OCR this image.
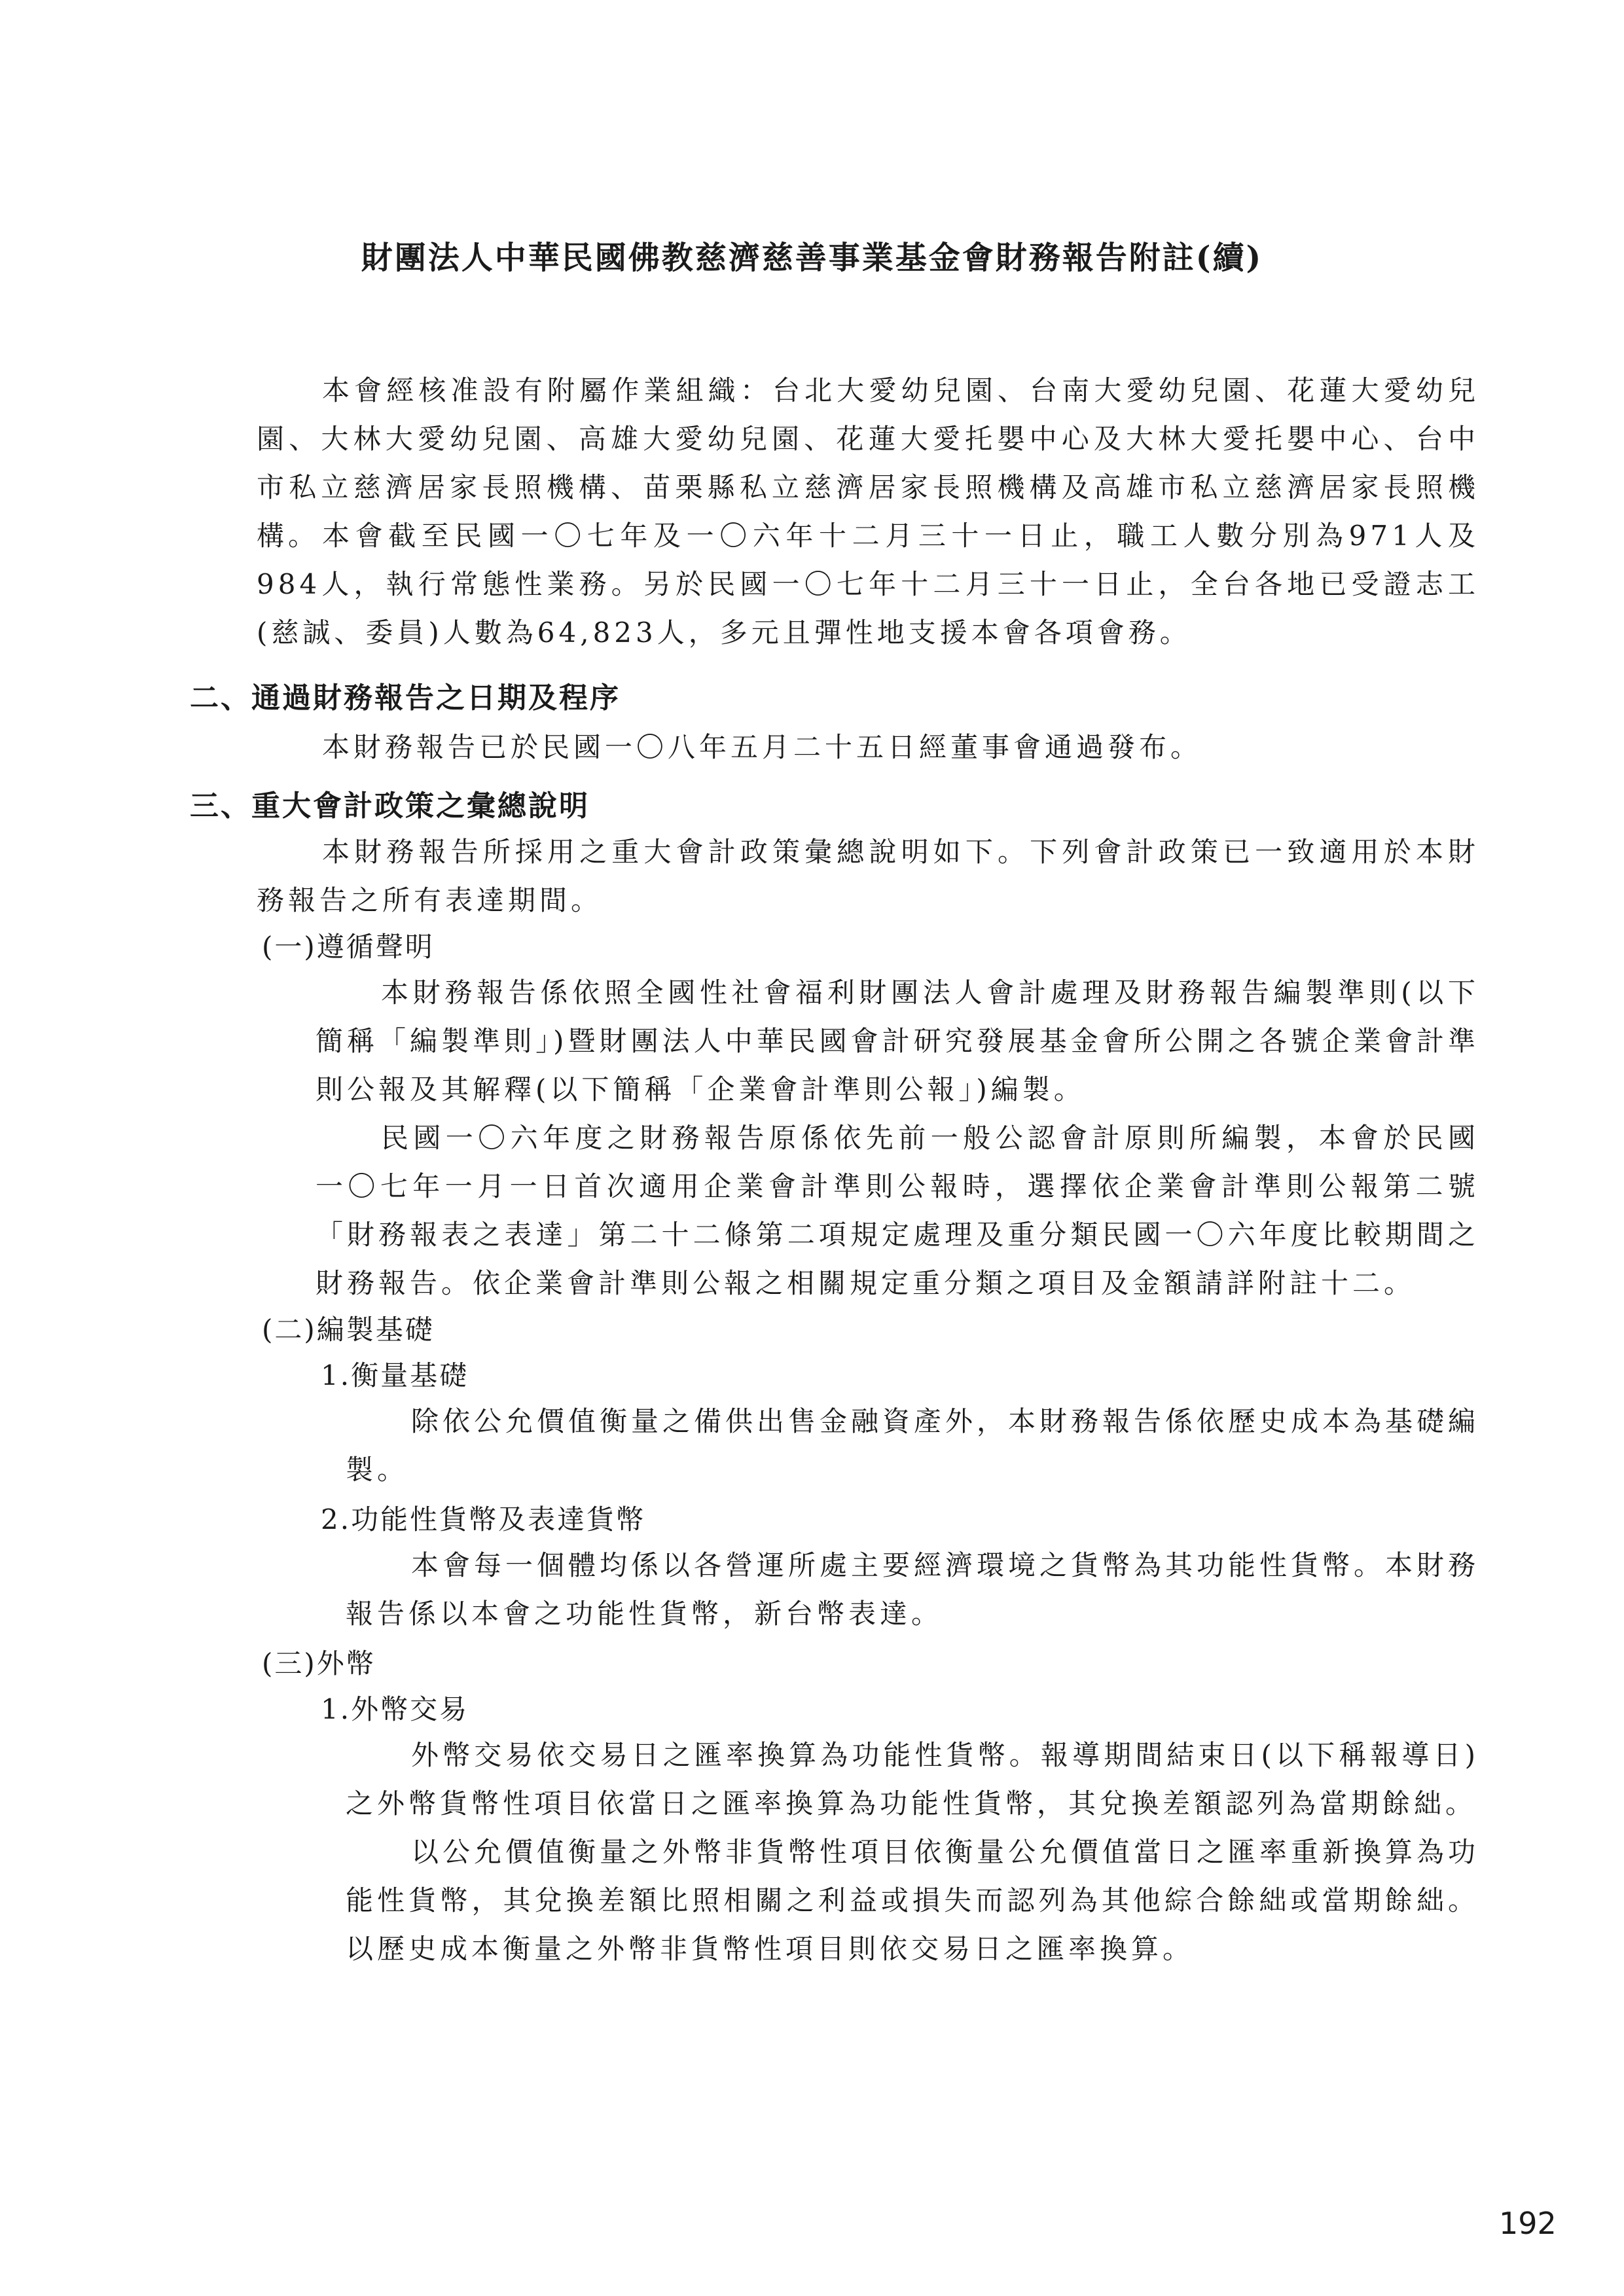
財團法人中華民國佛教慈濟慈善事業基金會財務報告附註(續)

本會經核准設有附屬作業組織：台北大愛幼兒園、台南大愛幼兒園、花蓮大愛幼兒園、大林大愛幼兒園、高雄大愛幼兒園、花蓮大愛托嬰中心及大林大愛托嬰中心、台中市私立慈濟居家長照機構、苗栗縣私立慈濟居家長照機構及高雄市私立慈濟居家長照機構。 本會截至民國一〇七年及一〇六年十二月三十一日止，職工人數分別為971人及984人，執行常態性業務。另於民國一〇七年十二月三十一日止，全台各地已受證志工(慈誠、委員)人數為64,823人，多元且彈性地支援本會各項會務。

二、通過財務報告之日期及程序

本財務報告已於民國一〇八年五月二十五日經董事會通過發布。

三、重大會計政策之彙總說明

本財務報告所採用之重大會計政策彙總說明如下。下列會計政策已一致適用於本財務報告之所有表達期間。

(一)遵循聲明

本財務報告係依照全國性社會福利財團法人會計處理及財務報告編製準則(以下簡稱「編製準則」)暨財團法人中華民國會計研究發展基金會所公開之各號企業會計準則公報及其解釋(以下簡稱「企業會計準則公報」)編製。

民國一〇六年度之財務報告原係依先前一般公認會計原則所編製，本會於民國一〇七年一月一日首次適用企業會計準則公報時，選擇依企業會計準則公報第二號「財務報表之表達」第二十二條第二項規定處理及重分類民國一〇六年度比較期間之財務報告。依企業會計準則公報之相關規定重分類之項目及金額請詳附註十二。

(二)編製基礎
1.衡量基礎

除依公允價值衡量之備供出售金融資產外，本財務報告係依歷史成本為基礎編製。

2.功能性貨幣及表達貨幣

本會每一個體均係以各營運所處主要經濟環境之貨幣為其功能性貨幣。本財務報告係以本會之功能性貨幣，新台幣表達。

(三)外幣
1.外幣交易

外幣交易依交易日之匯率換算為功能性貨幣。報導期間結束日(以下稱報導日)之外幣貨幣性項目依當日之匯率換算為功能性貨幣，其兌換差額認列為當期餘絀。

以公允價值衡量之外幣非貨幣性項目依衡量公允價值當日之匯率重新換算為功能性貨幣，其兌換差額比照相關之利益或損失而認列為其他綜合餘絀或當期餘絀。以歷史成本衡量之外幣非貨幣性項目則依交易日之匯率換算。

192
